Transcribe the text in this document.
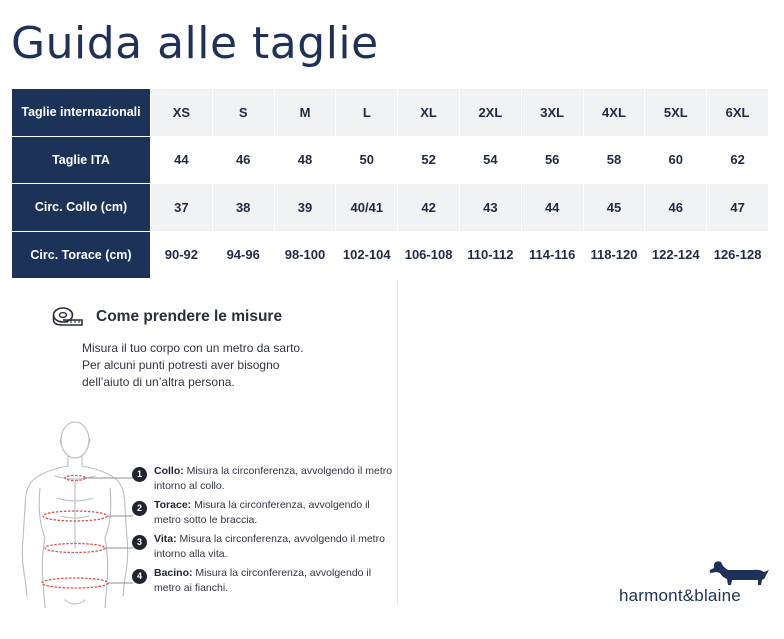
Guida alle taglie
Taglie internazionali	XS	S	M	L	XL	2XL	3XL	4XL	5XL	6XL
Taglie ITA	44	46	48	50	52	54	56	58	60	62
Circ. Collo (cm)	37	38	39	40/41	42	43	44	45	46	47
Circ. Torace (cm)	90-92	94-96	98-100	102-104	106-108	110-112	114-116	118-120	122-124	126-128
Come prendere le misure
Misura il tuo corpo con un metro da sarto.
Per alcuni punti potresti aver bisogno
dell’aiuto di un’altra persona.
1	Collo: Misura la circonferenza, avvolgendo il metro intorno al collo.
2	Torace: Misura la circonferenza, avvolgendo il metro sotto le braccia.
3	Vita: Misura la circonferenza, avvolgendo il metro intorno alla vita.
4	Bacino: Misura la circonferenza, avvolgendo il metro ai fianchi.	harmont&blaine
